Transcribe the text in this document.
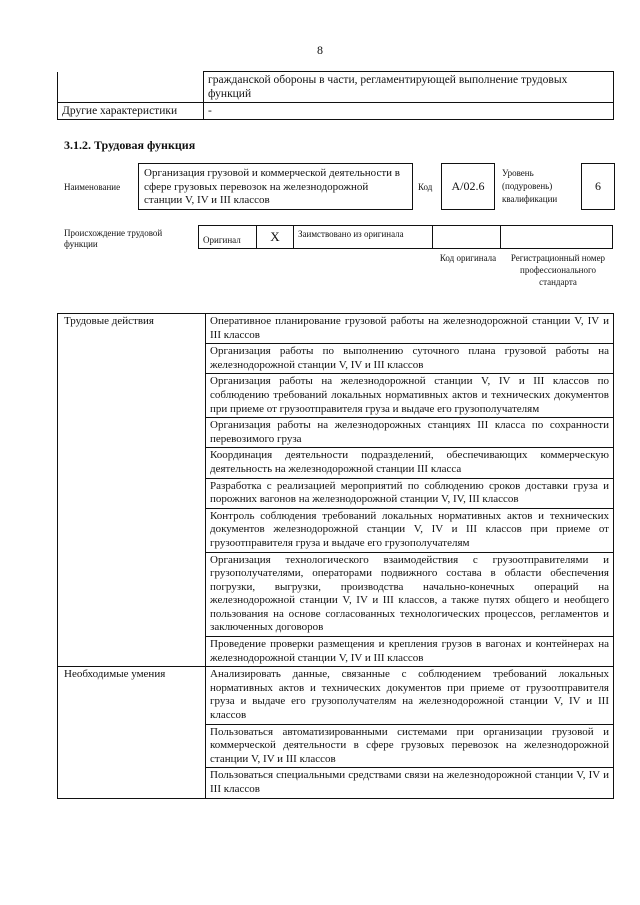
8
	гражданской обороны в части, регламентирующей выполнение трудовых функций
Другие характеристики	-
3.1.2. Трудовая функция
Наименование
Организация грузовой и коммерческой деятельности в сфере грузовых перевозок на железнодорожной станции V, IV и III классов
Код	А/02.6
Уровень (подуровень) квалификации
6
Происхождение трудовой функции	Оригинал	X	Заимствовано из оригинала
Код оригинала	Регистрационный номер профессионального стандарта
Трудовые действия	Оперативное планирование грузовой работы на железнодорожной станции V, IV и III классов
	Организация работы по выполнению суточного плана грузовой работы на железнодорожной станции V, IV и III классов
	Организация работы на железнодорожной станции V, IV и III классов по соблюдению требований локальных нормативных актов и технических документов при приеме от грузоотправителя груза и выдаче его грузополучателям
	Организация работы на железнодорожных станциях III класса по сохранности перевозимого груза
	Координация деятельности подразделений, обеспечивающих коммерческую деятельность на железнодорожной станции III класса
	Разработка с реализацией мероприятий по соблюдению сроков доставки груза и порожних вагонов на железнодорожной станции V, IV, III классов
	Контроль соблюдения требований локальных нормативных актов и технических документов железнодорожной станции V, IV и III классов при приеме от грузоотправителя груза и выдаче его грузополучателям
	Организация технологического взаимодействия с грузоотправителями и грузополучателями, операторами подвижного состава в области обеспечения погрузки, выгрузки, производства начально-конечных операций на железнодорожной станции V, IV и III классов, а также путях общего и необщего пользования на основе согласованных технологических процессов, регламентов и заключенных договоров
	Проведение проверки размещения и крепления грузов в вагонах и контейнерах на железнодорожной станции V, IV и III классов
Необходимые умения	Анализировать данные, связанные с соблюдением требований локальных нормативных актов и технических документов при приеме от грузоотправителя груза и выдаче его грузополучателям на железнодорожной станции V, IV и III классов
	Пользоваться автоматизированными системами при организации грузовой и коммерческой деятельности в сфере грузовых перевозок на железнодорожной станции V, IV и III классов
	Пользоваться специальными средствами связи на железнодорожной станции V, IV и III классов
